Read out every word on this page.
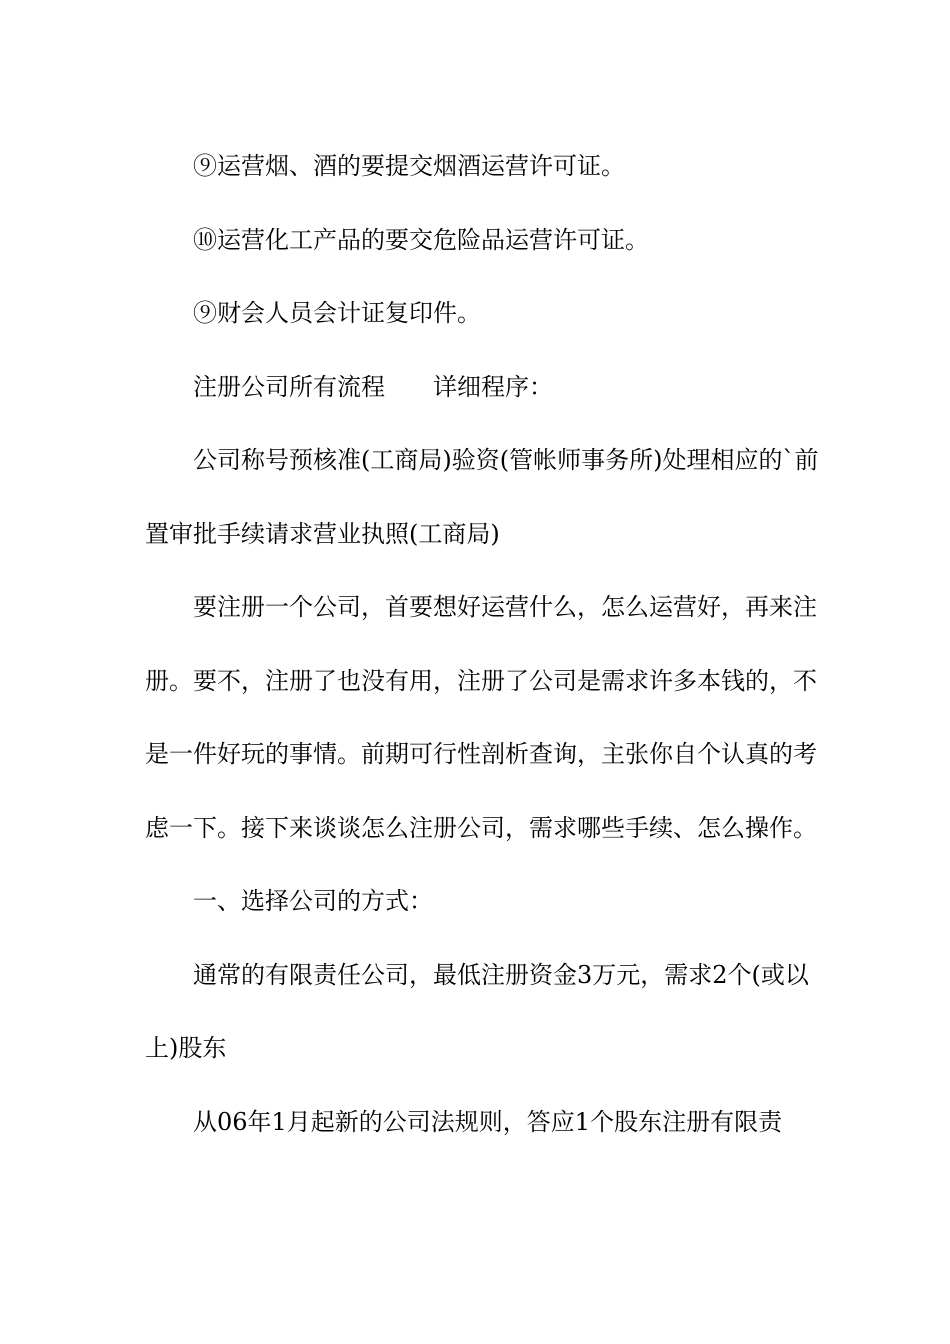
⑨运营烟、酒的要提交烟酒运营许可证。

⑩运营化工产品的要交危险品运营许可证。

⑨财会人员会计证复印件。

注册公司所有流程 详细程序：

公司称号预核准(工商局)验资(管帐师事务所)处理相应的`前置审批手续请求营业执照(工商局)

要注册一个公司，首要想好运营什么，怎么运营好，再来注册。要不，注册了也没有用，注册了公司是需求许多本钱的，不是一件好玩的事情。前期可行性剖析查询，主张你自个认真的考虑一下。接下来谈谈怎么注册公司，需求哪些手续、怎么操作。

一、选择公司的方式：

通常的有限责任公司，最低注册资金3万元，需求2个(或以上)股东

从06年1月起新的公司法规则，答应1个股东注册有限责
